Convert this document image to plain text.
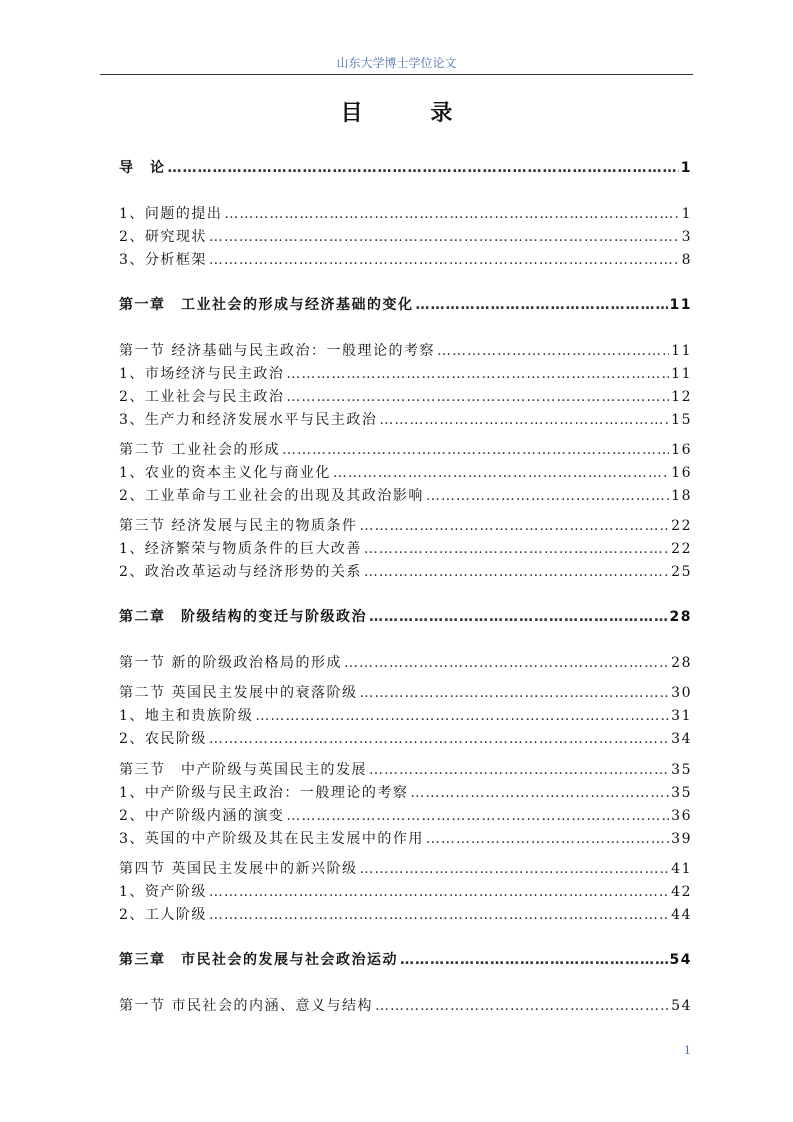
山东大学博士学位论文
目 录
导　论 …………………………………………………………………………………………………………………………………………………………	1
1、问题的提出 …………………………………………………………………………………………………………………………………………………………	1
2、研究现状 …………………………………………………………………………………………………………………………………………………………	3
3、分析框架 …………………………………………………………………………………………………………………………………………………………	8
第一章　工业社会的形成与经济基础的变化 …………………………………………………………………………………………………………………………………………………………	11
第一节 经济基础与民主政治：一般理论的考察 …………………………………………………………………………………………………………………………………………………………	11
1、市场经济与民主政治 …………………………………………………………………………………………………………………………………………………………	11
2、工业社会与民主政治 …………………………………………………………………………………………………………………………………………………………	12
3、生产力和经济发展水平与民主政治 …………………………………………………………………………………………………………………………………………………………	15
第二节 工业社会的形成 …………………………………………………………………………………………………………………………………………………………	16
1、农业的资本主义化与商业化 …………………………………………………………………………………………………………………………………………………………	16
2、工业革命与工业社会的出现及其政治影响 …………………………………………………………………………………………………………………………………………………………	18
第三节 经济发展与民主的物质条件 …………………………………………………………………………………………………………………………………………………………	22
1、经济繁荣与物质条件的巨大改善 …………………………………………………………………………………………………………………………………………………………	22
2、政治改革运动与经济形势的关系 …………………………………………………………………………………………………………………………………………………………	25
第二章　阶级结构的变迁与阶级政治 …………………………………………………………………………………………………………………………………………………………	28
第一节 新的阶级政治格局的形成 …………………………………………………………………………………………………………………………………………………………	28
第二节 英国民主发展中的衰落阶级 …………………………………………………………………………………………………………………………………………………………	30
1、地主和贵族阶级 …………………………………………………………………………………………………………………………………………………………	31
2、农民阶级 …………………………………………………………………………………………………………………………………………………………	34
第三节　中产阶级与英国民主的发展 …………………………………………………………………………………………………………………………………………………………	35
1、中产阶级与民主政治：一般理论的考察 …………………………………………………………………………………………………………………………………………………………	35
2、中产阶级内涵的演变 …………………………………………………………………………………………………………………………………………………………	36
3、英国的中产阶级及其在民主发展中的作用 …………………………………………………………………………………………………………………………………………………………	39
第四节 英国民主发展中的新兴阶级 …………………………………………………………………………………………………………………………………………………………	41
1、资产阶级 …………………………………………………………………………………………………………………………………………………………	42
2、工人阶级 …………………………………………………………………………………………………………………………………………………………	44
第三章　市民社会的发展与社会政治运动 …………………………………………………………………………………………………………………………………………………………	54
第一节 市民社会的内涵、意义与结构 …………………………………………………………………………………………………………………………………………………………	54
1
